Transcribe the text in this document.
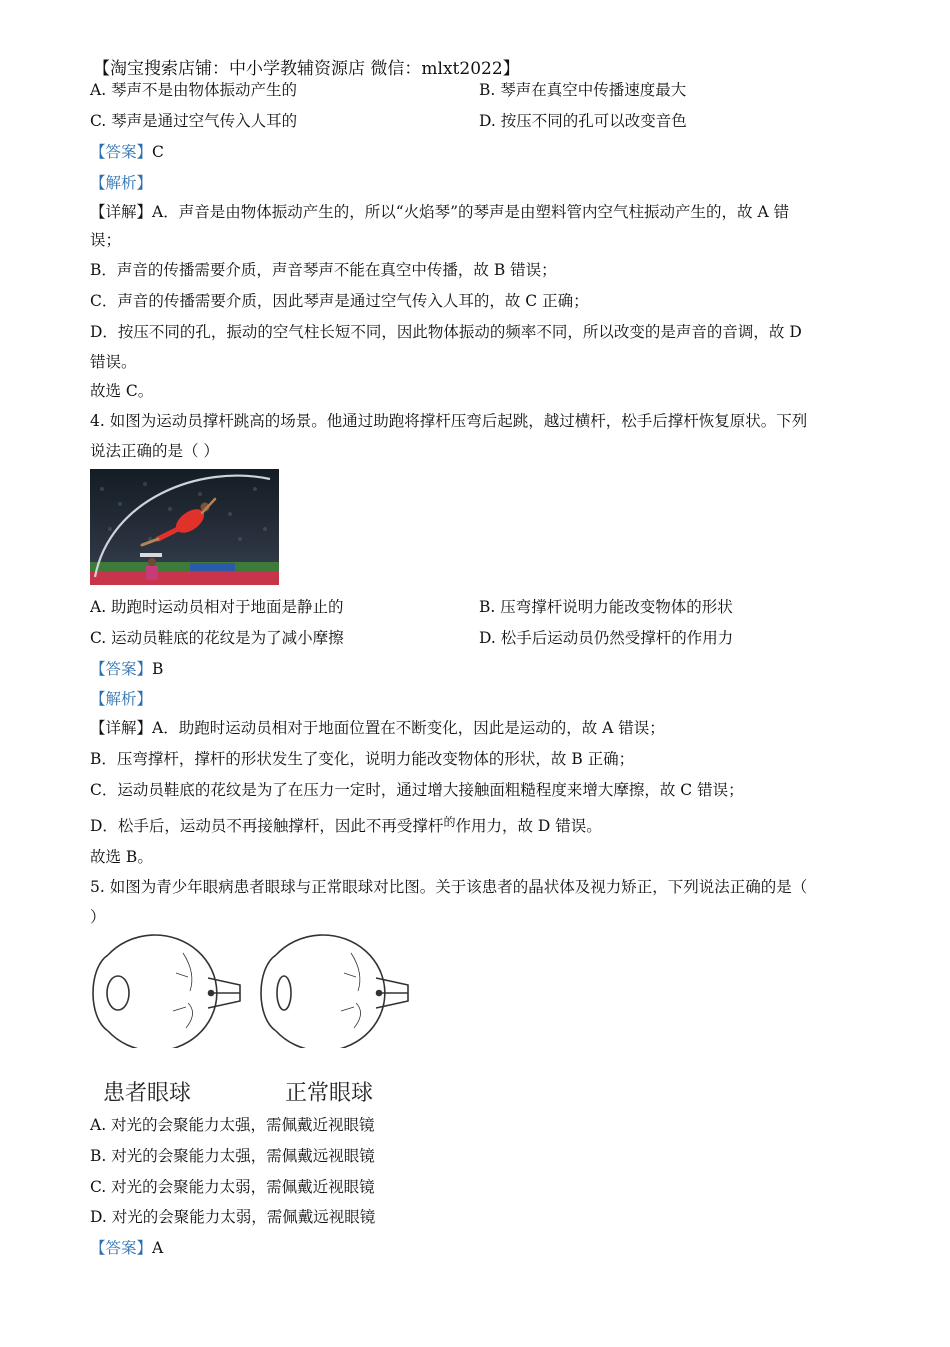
【淘宝搜索店铺：中小学教辅资源店 微信：mlxt2022】
A. 琴声不是由物体振动产生的	B. 琴声在真空中传播速度最大
C. 琴声是通过空气传入人耳的	D. 按压不同的孔可以改变音色
【答案】C
【解析】
【详解】A．声音是由物体振动产生的，所以“火焰琴”的琴声是由塑料管内空气柱振动产生的，故 A 错
误；
B．声音的传播需要介质，声音琴声不能在真空中传播，故 B 错误；
C．声音的传播需要介质，因此琴声是通过空气传入人耳的，故 C 正确；
D．按压不同的孔，振动的空气柱长短不同，因此物体振动的频率不同，所以改变的是声音的音调，故 D
错误。
故选 C。
4. 如图为运动员撑杆跳高的场景。他通过助跑将撑杆压弯后起跳，越过横杆，松手后撑杆恢复原状。下列
说法正确的是（ ）
A. 助跑时运动员相对于地面是静止的	B. 压弯撑杆说明力能改变物体的形状
C. 运动员鞋底的花纹是为了减小摩擦	D. 松手后运动员仍然受撑杆的作用力
【答案】B
【解析】
【详解】A．助跑时运动员相对于地面位置在不断变化，因此是运动的，故 A 错误；
B．压弯撑杆，撑杆的形状发生了变化，说明力能改变物体的形状，故 B 正确；
C．运动员鞋底的花纹是为了在压力一定时，通过增大接触面粗糙程度来增大摩擦，故 C 错误；
D．松手后，运动员不再接触撑杆，因此不再受撑杆$^的$作用力，故 D 错误。
故选 B。
5. 如图为青少年眼病患者眼球与正常眼球对比图。关于该患者的晶状体及视力矫正，下列说法正确的是（
）
患者眼球	正常眼球
A. 对光的会聚能力太强，需佩戴近视眼镜
B. 对光的会聚能力太强，需佩戴远视眼镜
C. 对光的会聚能力太弱，需佩戴近视眼镜
D. 对光的会聚能力太弱，需佩戴远视眼镜
【答案】A
